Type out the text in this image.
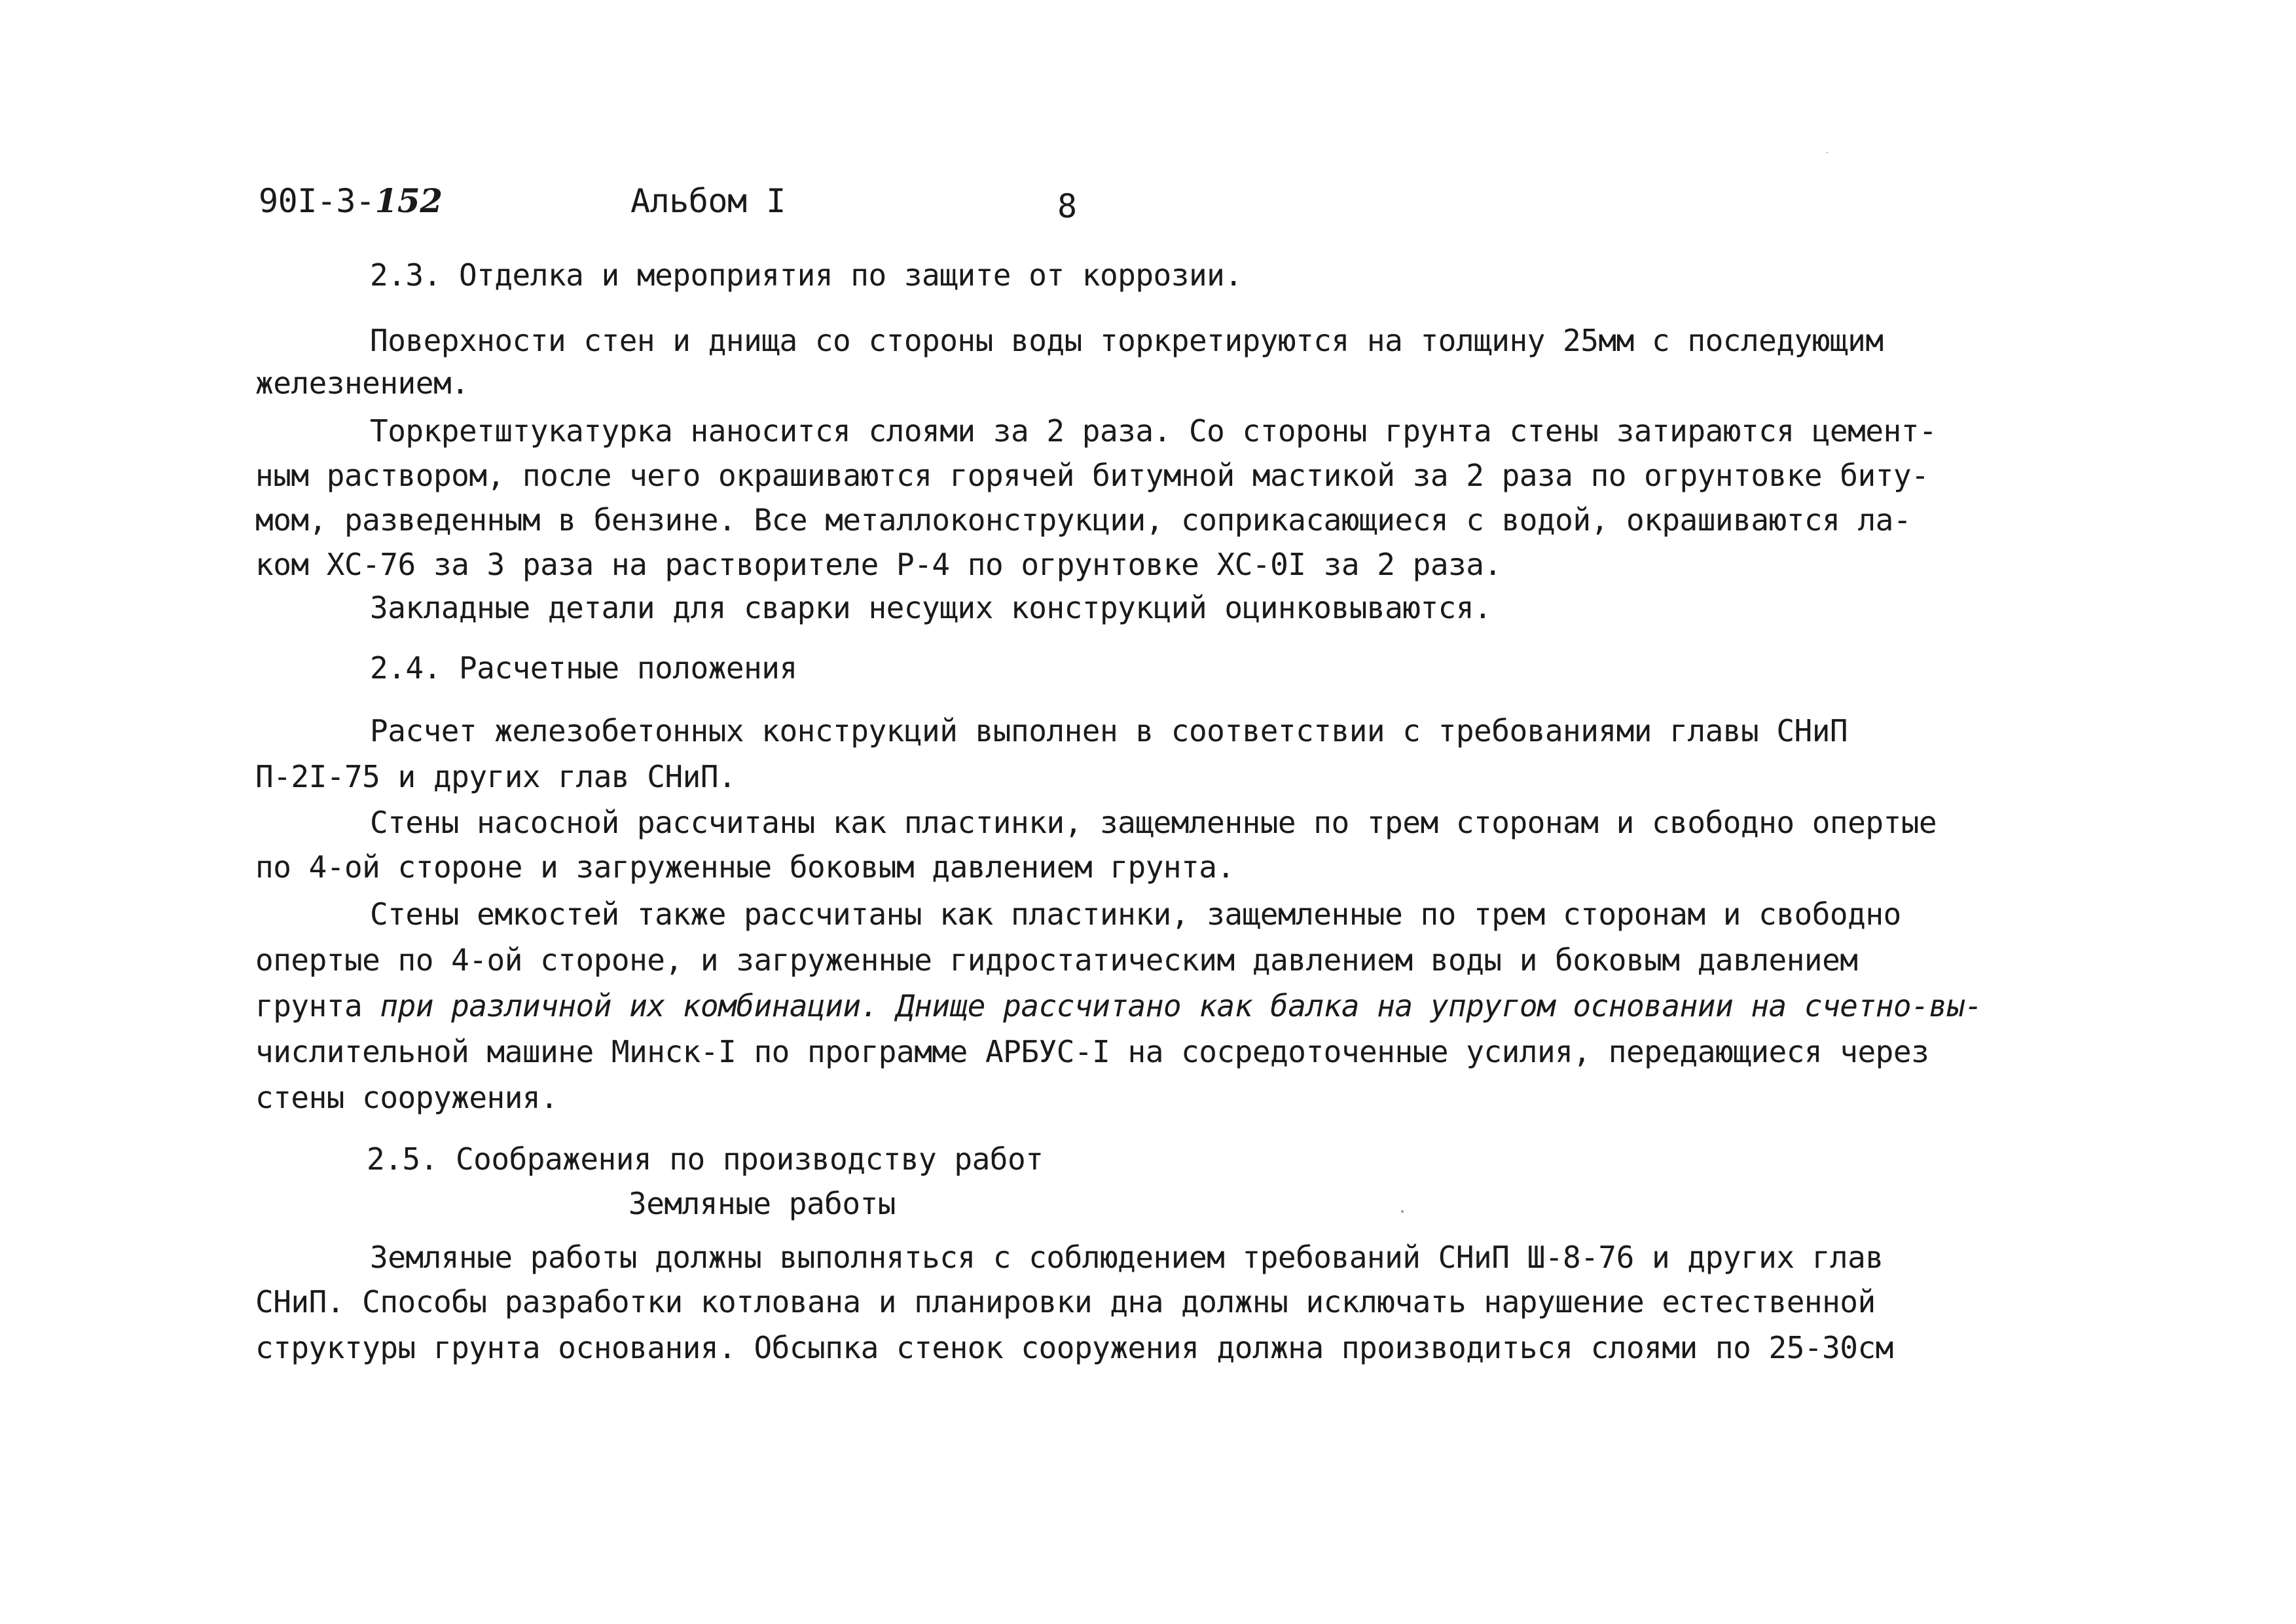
90I-3-152	Альбом I	8
2.3. Отделка и мероприятия по защите от коррозии.
Поверхности стен и днища со стороны воды торкретируются на толщину 25мм с последующим
железнением.
Торкретштукатурка наносится слоями за 2 раза. Со стороны грунта стены затираются цемент-
ным раствором, после чего окрашиваются горячей битумной мастикой за 2 раза по огрунтовке биту-
мом, разведенным в бензине. Все металлоконструкции, соприкасающиеся с водой, окрашиваются ла-
ком ХС-76 за 3 раза на растворителе Р-4 по огрунтовке ХС-0I за 2 раза.
Закладные детали для сварки несущих конструкций оцинковываются.
2.4. Расчетные положения
Расчет железобетонных конструкций выполнен в соответствии с требованиями главы СНиП
П-2I-75 и других глав СНиП.
Стены насосной рассчитаны как пластинки, защемленные по трем сторонам и свободно опертые
по 4-ой стороне и загруженные боковым давлением грунта.
Стены емкостей также рассчитаны как пластинки, защемленные по трем сторонам и свободно
опертые по 4-ой стороне, и загруженные гидростатическим давлением воды и боковым давлением
грунта при различной их комбинации. Днище рассчитано как балка на упругом основании на счетно-вы-
числительной машине Минск-I по программе АРБУС-I на сосредоточенные усилия, передающиеся через
стены сооружения.
2.5. Соображения по производству работ
Земляные работы
Земляные работы должны выполняться с соблюдением требований СНиП Ш-8-76 и других глав
СНиП. Способы разработки котлована и планировки дна должны исключать нарушение естественной
структуры грунта основания. Обсыпка стенок сооружения должна производиться слоями по 25-30см
